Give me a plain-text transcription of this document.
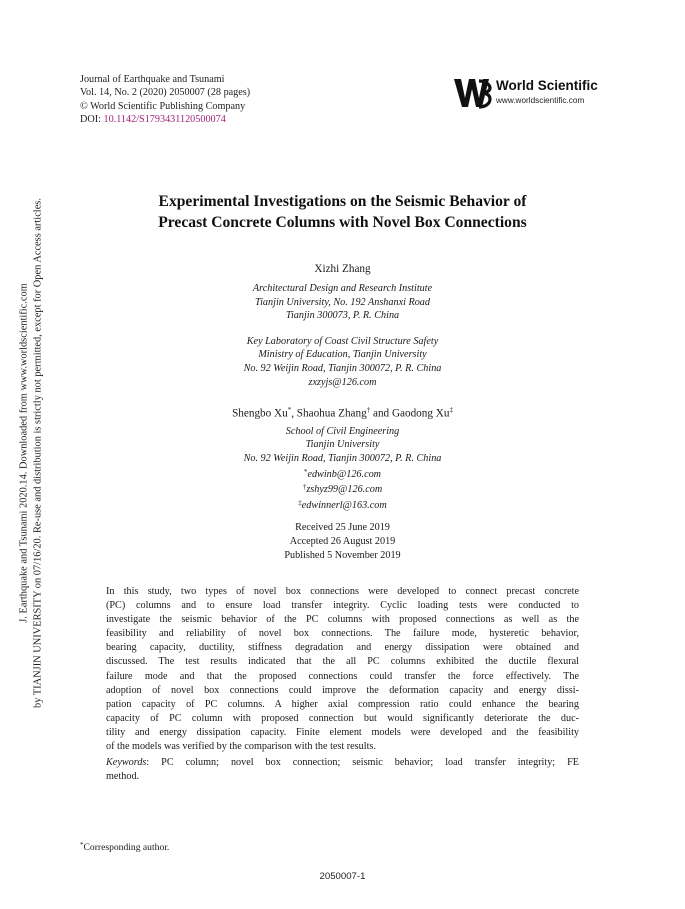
J. Earthquake and Tsunami 2020.14. Downloaded from www.worldscientific.com by TIANJIN UNIVERSITY on 07/16/20. Re-use and distribution is strictly not permitted, except for Open Access articles.
Journal of Earthquake and Tsunami
Vol. 14, No. 2 (2020) 2050007 (28 pages)
© World Scientific Publishing Company
DOI: 10.1142/S1793431120500074
World Scientific
www.worldscientific.com
Experimental Investigations on the Seismic Behavior of
Precast Concrete Columns with Novel Box Connections
Xizhi Zhang
Architectural Design and Research Institute
Tianjin University, No. 192 Anshanxi Road
Tianjin 300073, P. R. China
Key Laboratory of Coast Civil Structure Safety
Ministry of Education, Tianjin University
No. 92 Weijin Road, Tianjin 300072, P. R. China
zxzyjs@126.com
Shengbo Xu*, Shaohua Zhang† and Gaodong Xu‡
School of Civil Engineering
Tianjin University
No. 92 Weijin Road, Tianjin 300072, P. R. China
*edwinb@126.com
†zshyz99@126.com
‡edwinnerl@163.com
Received 25 June 2019
Accepted 26 August 2019
Published 5 November 2019
In this study, two types of novel box connections were developed to connect precast concrete
(PC) columns and to ensure load transfer integrity. Cyclic loading tests were conducted to
investigate the seismic behavior of the PC columns with proposed connections as well as the
feasibility and reliability of novel box connections. The failure mode, hysteretic behavior,
bearing capacity, ductility, stiffness degradation and energy dissipation were obtained and
discussed. The test results indicated that the all PC columns exhibited the ductile flexural
failure mode and that the proposed connections could transfer the force effectively. The
adoption of novel box connections could improve the deformation capacity and energy dissi-
pation capacity of PC columns. A higher axial compression ratio could enhance the bearing
capacity of PC column with proposed connection but would significantly deteriorate the duc-
tility and energy dissipation capacity. Finite element models were developed and the feasibility
of the models was verified by the comparison with the test results.
Keywords: PC column; novel box connection; seismic behavior; load transfer integrity; FE
method.
*Corresponding author.
2050007-1
